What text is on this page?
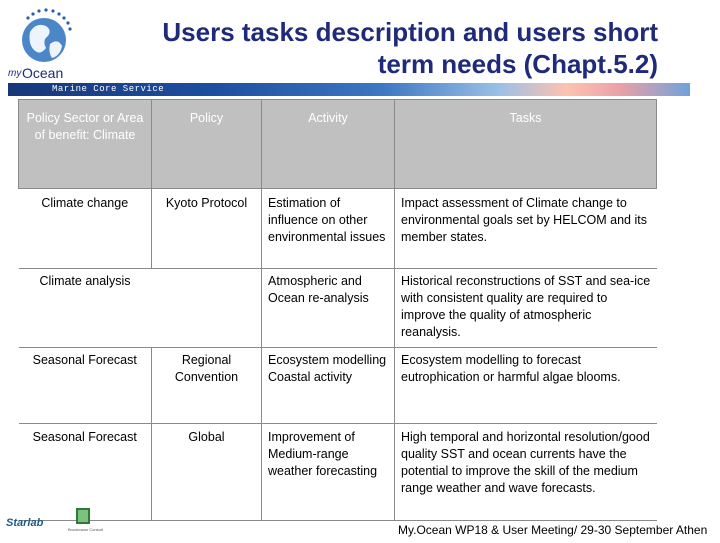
my Ocean
Users tasks description and users short
term needs (Chapt.5.2)
Marine Core Service
Policy Sector or Area of benefit: Climate	Policy	Activity	Tasks
Climate change	Kyoto Protocol	Estimation of influence on other environmental issues	Impact assessment of Climate change to environmental goals set by HELCOM and its member states.
Climate analysis		Atmospheric and Ocean re-analysis	Historical reconstructions of SST and sea-ice with consistent quality are required to improve the quality of atmospheric reanalysis.
Seasonal Forecast	Regional Convention	Ecosystem modelling Coastal activity	Ecosystem modelling to forecast eutrophication or harmful algae blooms.
Seasonal Forecast	Global	Improvement of Medium-range weather forecasting	High temporal and horizontal resolution/good quality SST and ocean currents have the potential to improve the skill of the medium range weather and wave forecasts.
Starlab
Brockmann Consult	My.Ocean WP18 & User Meeting/ 29-30 September Athen
